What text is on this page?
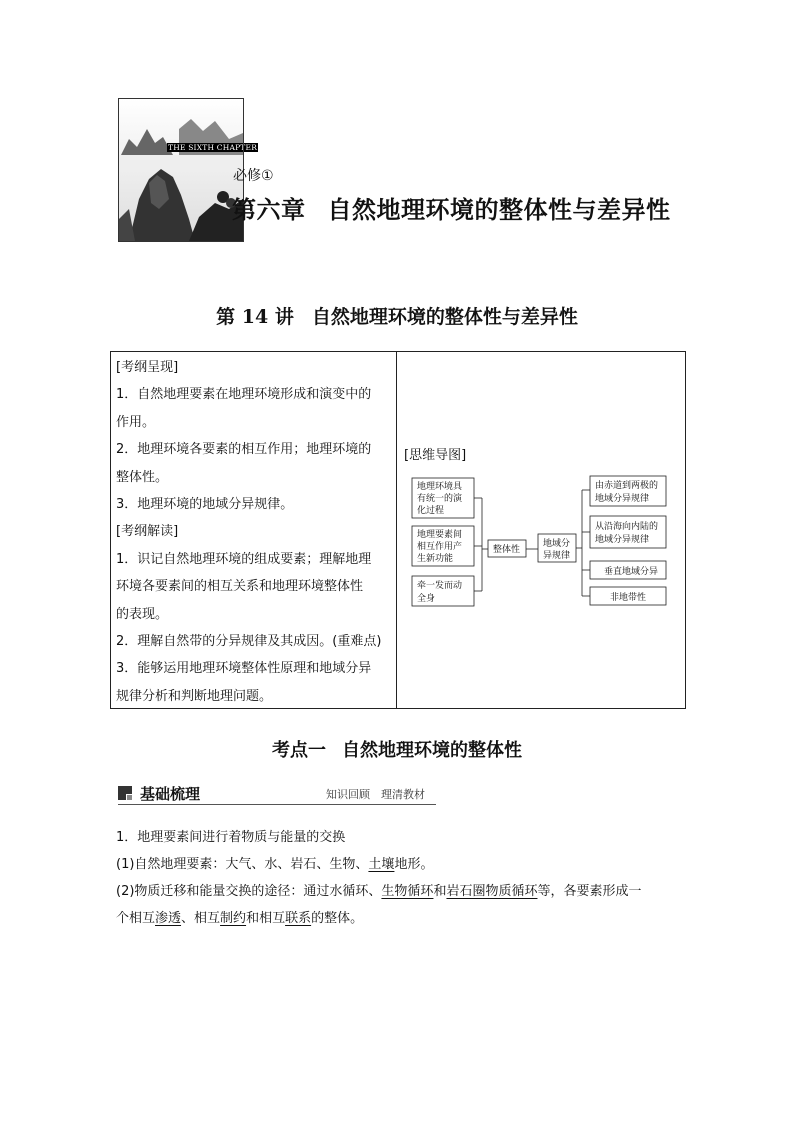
THE SIXTH CHAPTER
必修①
第六章 自然地理环境的整体性与差异性
第 14 讲 自然地理环境的整体性与差异性
[考纲呈现]
1．自然地理要素在地理环境形成和演变中的
作用。
2．地理环境各要素的相互作用；地理环境的
整体性。
3．地理环境的地域分异规律。
[考纲解读]
1．识记自然地理环境的组成要素；理解地理
环境各要素间的相互关系和地理环境整体性
的表现。
2．理解自然带的分异规律及其成因。(重难点)
3．能够运用地理环境整体性原理和地域分异
规律分析和判断地理问题。
[思维导图]
地理环境具
有统一的演
化过程
地理要素间
相互作用产
生新功能
牵一发而动
全身
整体性
地域分
异规律
由赤道到两极的
地域分异规律
从沿海向内陆的
地域分异规律
垂直地域分异
非地带性
考点一 自然地理环境的整体性
基础梳理	知识回顾　理清教材
1．地理要素间进行着物质与能量的交换
(1)自然地理要素：大气、水、岩石、生物、土壤地形。
(2)物质迁移和能量交换的途径：通过水循环、生物循环和岩石圈物质循环等，各要素形成一
个相互渗透、相互制约和相互联系的整体。
